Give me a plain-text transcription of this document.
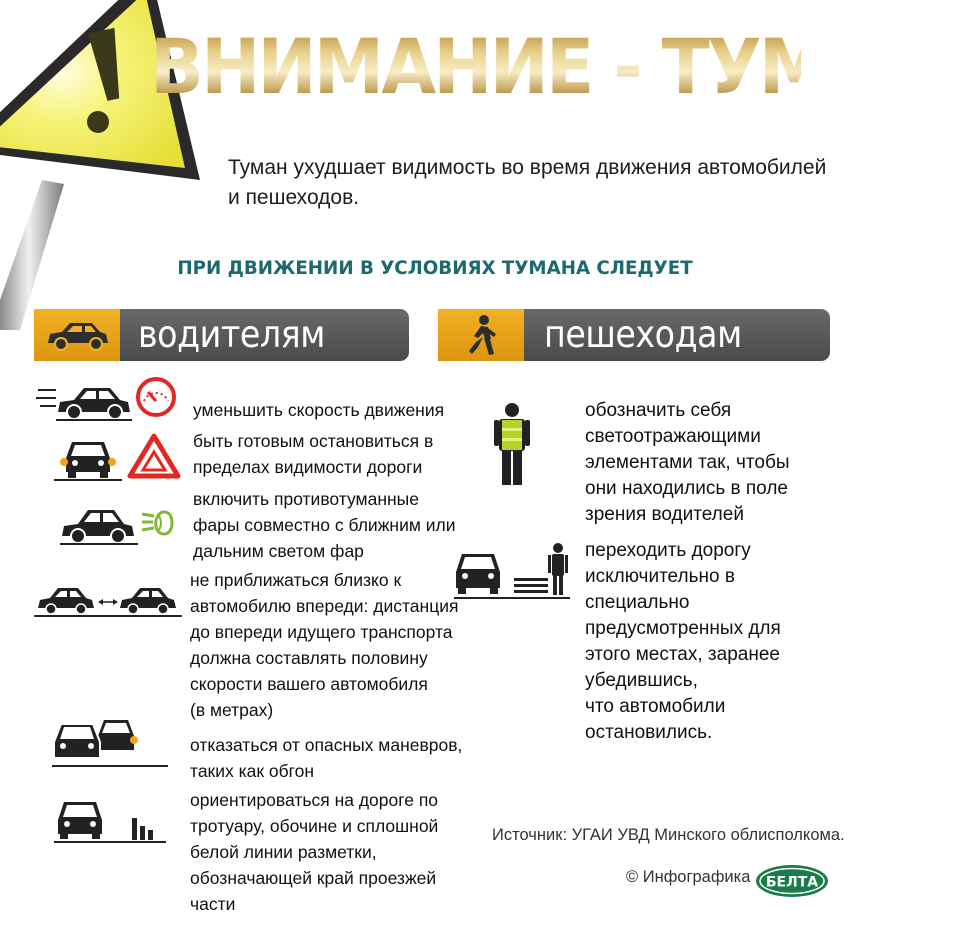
ВНИМАНИЕ - ТУМАН!
Туман ухудшает видимость во время движения автомобилей
и пешеходов.
ПРИ ДВИЖЕНИИ В УСЛОВИЯХ ТУМАНА СЛЕДУЕТ
водителям	пешеходам
уменьшить скорость движения
быть готовым остановиться в
пределах видимости дороги
включить противотуманные
фары совместно с ближним или
дальним светом фар
не приближаться близко к
автомобилю впереди: дистанция
до впереди идущего транспорта
должна составлять половину
скорости вашего автомобиля
(в метрах)
отказаться от опасных маневров,
таких как обгон
ориентироваться на дороге по
тротуару, обочине и сплошной
белой линии разметки,
обозначающей край проезжей
части
обозначить себя
светоотражающими
элементами так, чтобы
они находились в поле
зрения водителей
переходить дорогу
исключительно в
специально
предусмотренных для
этого местах, заранее
убедившись,
что автомобили
остановились.
Источник: УГАИ УВД Минского облисполкома.
© Инфографика БЕЛТА
